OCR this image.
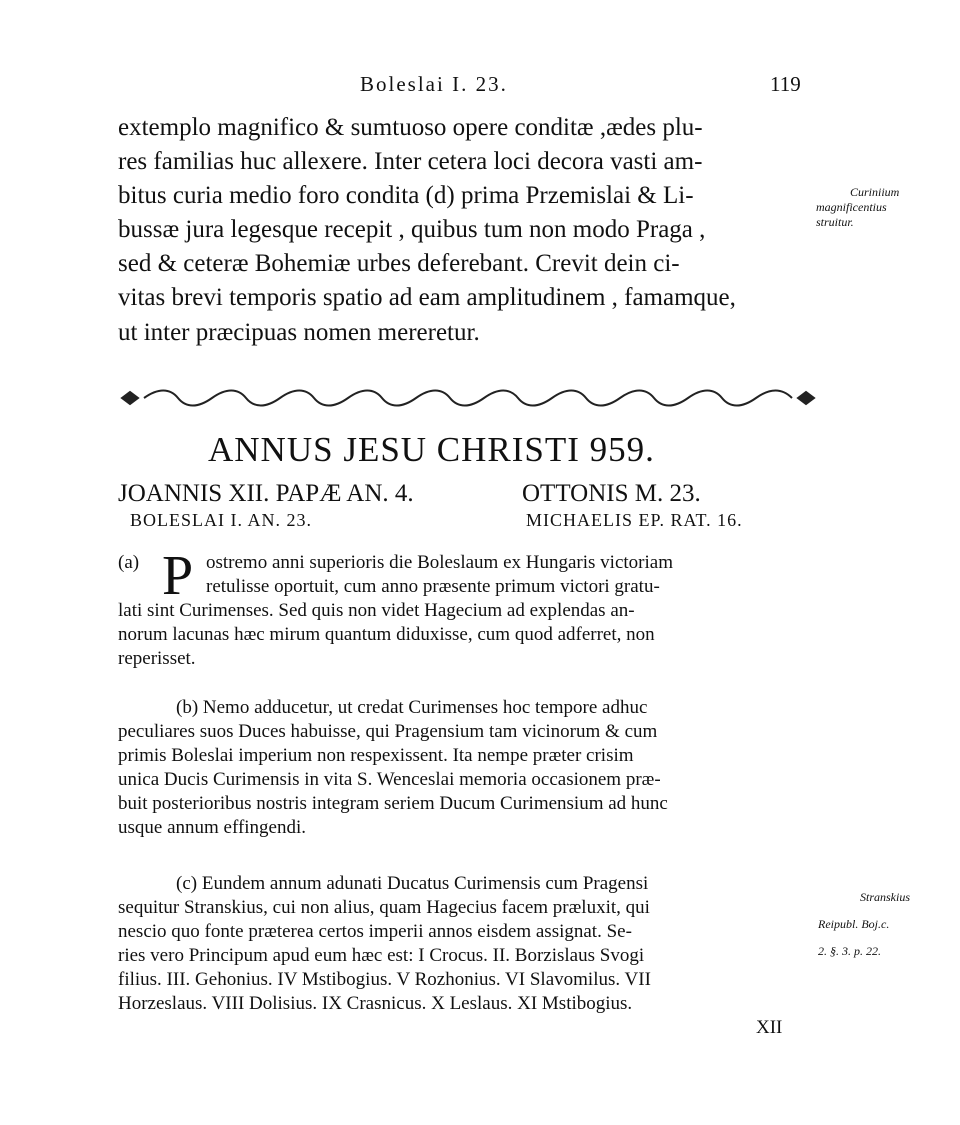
Boleslai I. 23.	119
extemplo magnifico & sumtuoso opere conditæ ,ædes plu-
res familias huc allexere. Inter cetera loci decora vasti am-
bitus curia medio foro condita (d) prima Przemislai & Li-
bussæ jura legesque recepit , quibus tum non modo Praga ,
sed & ceteræ Bohemiæ urbes deferebant. Crevit dein ci-
vitas brevi temporis spatio ad eam amplitudinem , famamque,
ut inter præcipuas nomen mereretur.
Curiniium
magnificentius
struitur.
ANNUS JESU CHRISTI 959.
JOANNIS XII. PAPÆ AN. 4.	OTTONIS M. 23.
BOLESLAI I. AN. 23.	MICHAELIS EP. RAT. 16.
(a) P ostremo anni superioris die Boleslaum ex Hungaris victoriam
retulisse oportuit, cum anno præsente primum victori gratu-
lati sint Curimenses. Sed quis non videt Hagecium ad explendas an-
norum lacunas hæc mirum quantum diduxisse, cum quod adferret, non
reperisset.
(b) Nemo adducetur, ut credat Curimenses hoc tempore adhuc
peculiares suos Duces habuisse, qui Pragensium tam vicinorum & cum
primis Boleslai imperium non respexissent. Ita nempe præter crisim
unica Ducis Curimensis in vita S. Wenceslai memoria occasionem præ-
buit posterioribus nostris integram seriem Ducum Curimensium ad hunc
usque annum effingendi.
(c) Eundem annum adunati Ducatus Curimensis cum Pragensi
sequitur Stranskius, cui non alius, quam Hagecius facem præluxit, qui
nescio quo fonte præterea certos imperii annos eisdem assignat. Se-
ries vero Principum apud eum hæc est: I Crocus. II. Borzislaus Svogi
filius. III. Gehonius. IV Mstibogius. V Rozhonius. VI Slavomilus. VII
Horzeslaus. VIII Dolisius. IX Crasnicus. X Leslaus. XI Mstibogius.
XII
Stranskius
Reipubl. Boj.c.
2. §. 3. p. 22.
